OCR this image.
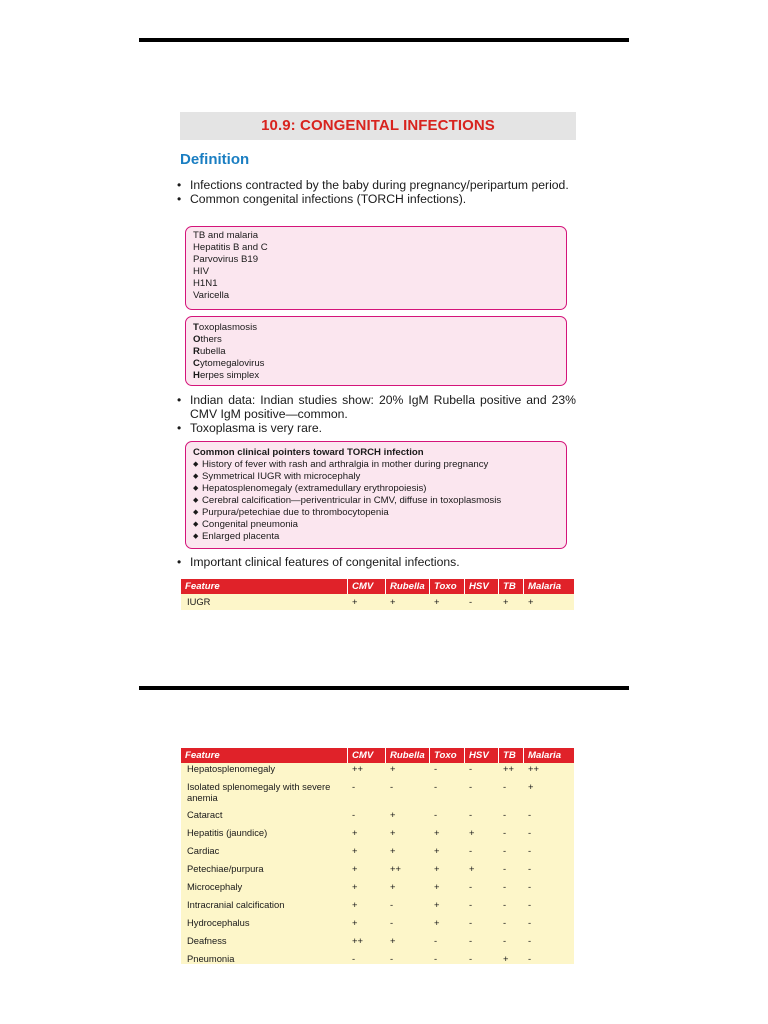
10.9: CONGENITAL INFECTIONS
Definition
• Infections contracted by the baby during pregnancy/peripartum period.
• Common congenital infections (TORCH infections).
TB and malaria
Hepatitis B and C
Parvovirus B19
HIV
H1N1
Varicella
Toxoplasmosis
Others
Rubella
Cytomegalovirus
Herpes simplex
• Indian data: Indian studies show: 20% IgM Rubella positive and 23% CMV IgM positive—common.
• Toxoplasma is very rare.
Common clinical pointers toward TORCH infection
◆ History of fever with rash and arthralgia in mother during pregnancy
◆ Symmetrical IUGR with microcephaly
◆ Hepatosplenomegaly (extramedullary erythropoiesis)
◆ Cerebral calcification—periventricular in CMV, diffuse in toxoplasmosis
◆ Purpura/petechiae due to thrombocytopenia
◆ Congenital pneumonia
◆ Enlarged placenta
• Important clinical features of congenital infections.
Feature	CMV	Rubella	Toxo	HSV	TB	Malaria
IUGR	+	+	+	-	+	+
Feature	CMV	Rubella	Toxo	HSV	TB	Malaria
Hepatosplenomegaly	++	+	-	-	++	++
Isolated splenomegaly with severe anemia	-	-	-	-	-	+
Cataract	-	+	-	-	-	-
Hepatitis (jaundice)	+	+	+	+	-	-
Cardiac	+	+	+	-	-	-
Petechiae/purpura	+	++	+	+	-	-
Microcephaly	+	+	+	-	-	-
Intracranial calcification	+	-	+	-	-	-
Hydrocephalus	+	-	+	-	-	-
Deafness	++	+	-	-	-	-
Pneumonia	-	-	-	-	+	-
